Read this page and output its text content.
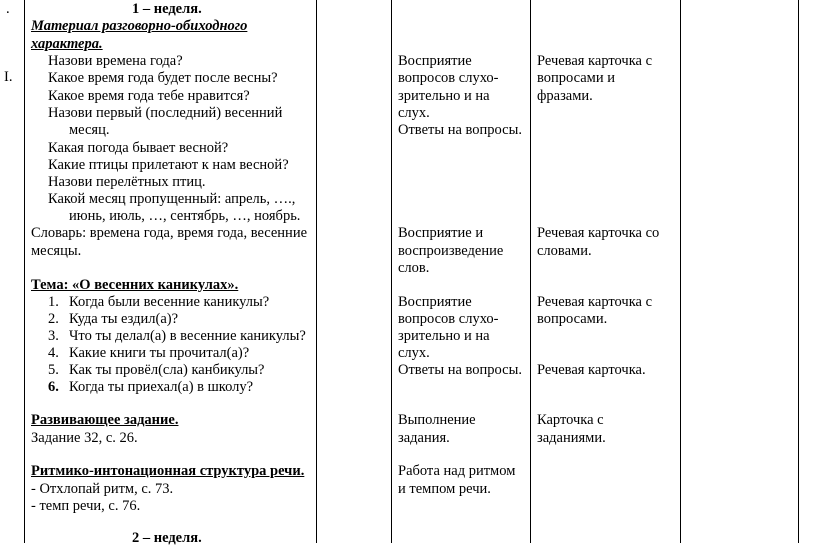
.
I.
1 – неделя.
Материал разговорно-обиходного
характера.
Назови времена года?
Какое время года будет после весны?
Какое время года тебе нравится?
Назови первый (последний) весенний
месяц.
Какая погода бывает весной?
Какие птицы прилетают к нам весной?
Назови перелётных птиц.
Какой месяц пропущенный: апрель, ….,
июнь, июль, …, сентябрь, …, ноябрь.
Словарь: времена года, время года, весенние
месяцы.
Тема: «О весенних каникулах».
1. Когда были весенние каникулы?
2. Куда ты ездил(а)?
3. Что ты делал(а) в весенние каникулы?
4. Какие книги ты прочитал(а)?
5. Как ты провёл(сла) канбикулы?
6. Когда ты приехал(а) в школу?
Развивающее задание.
Задание 32, с. 26.
Ритмико-интонационная структура речи.
- Отхлопай ритм, с. 73.
- темп речи, с. 76.
2 – неделя.
Восприятие
вопросов слухо-
зрительно и на
слух.
Ответы на вопросы.
Восприятие и
воспроизведение
слов.
Восприятие
вопросов слухо-
зрительно и на
слух.
Ответы на вопросы.
Выполнение
задания.
Работа над ритмом
и темпом речи.
Речевая карточка с
вопросами и
фразами.
Речевая карточка со
словами.
Речевая карточка с
вопросами.
Речевая карточка.
Карточка с
заданиями.
